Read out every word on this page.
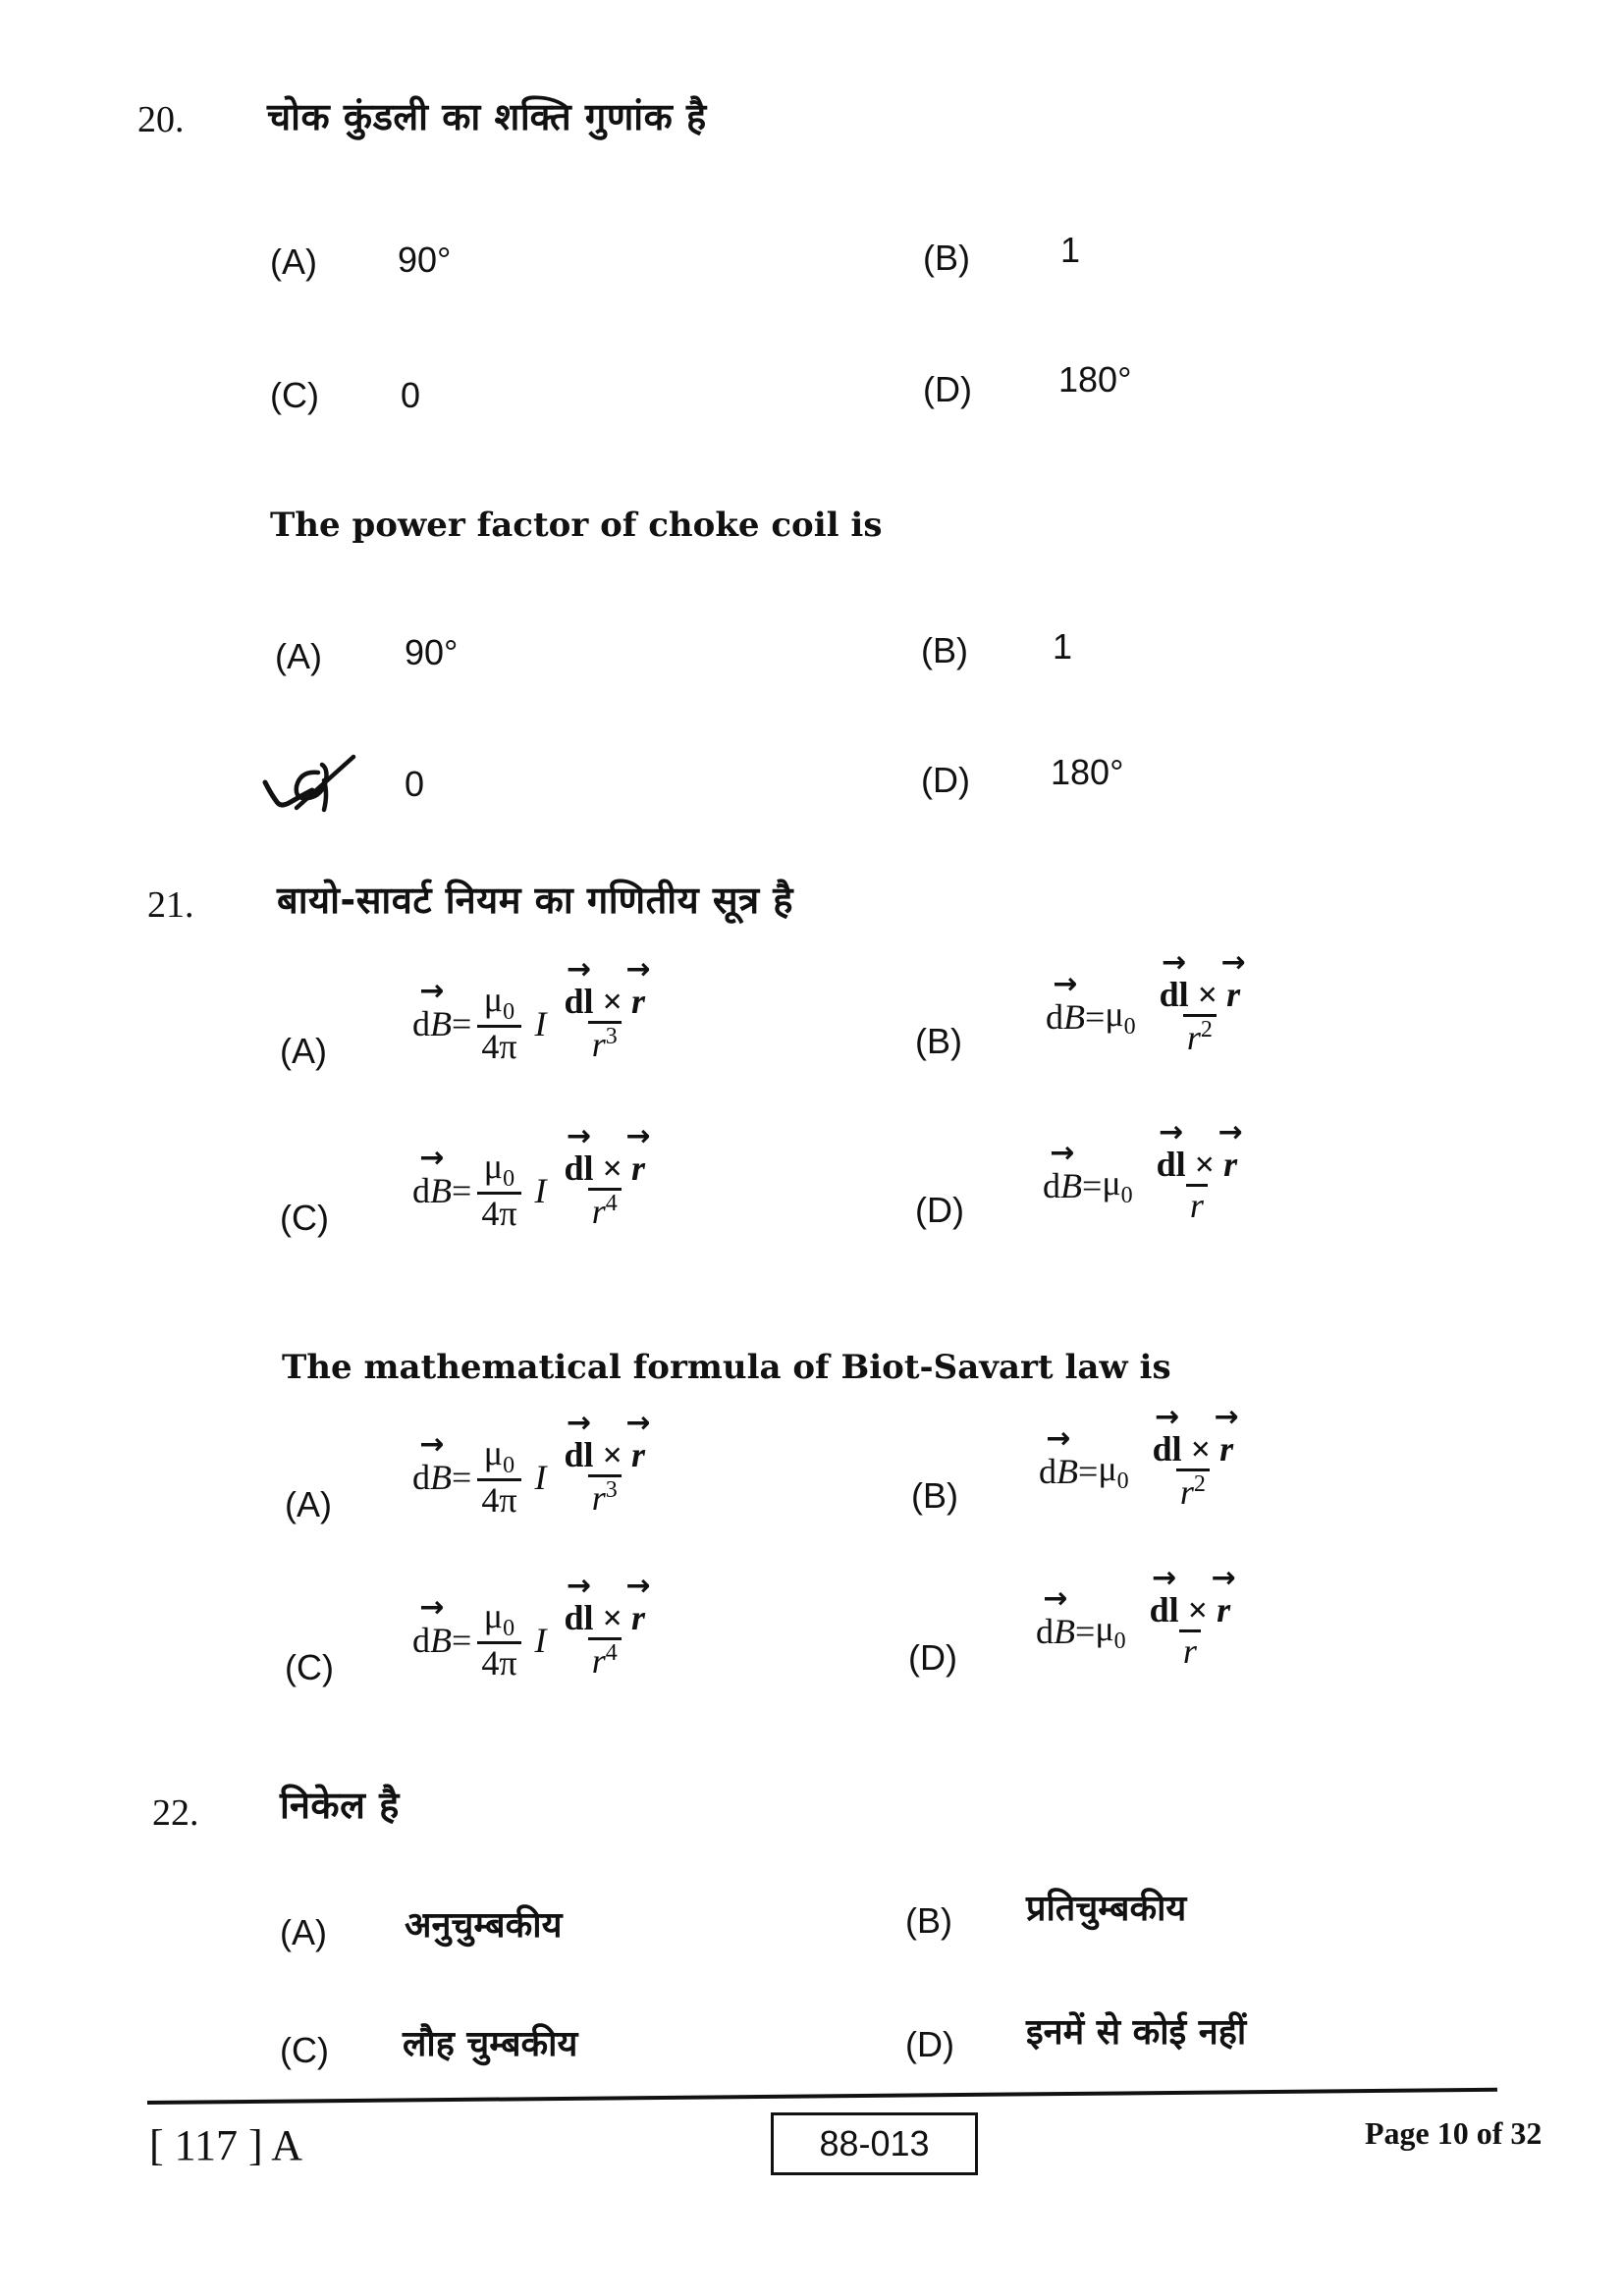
20. चोक कुंडली का शक्ति गुणांक है
(A) 90°	(B)	1
(C) 0	(D) 180°
The power factor of choke coil is
(A) 90°	(B) 1
0	(D) 180°
21. बायो-सावर्ट नियम का गणितीय सूत्र है
(A)
→ dB = $\frac{\mu_0}{4\pi}$ $I \to \frac{dl \times \to r}{r^3}$	(B)
→ dB = $\mu_0 \to \frac{dl \times \to r}{r^2}$
(C)
→ dB = $\frac{\mu_0}{4\pi}$ $I \to \frac{dl \times \to r}{r^4}$	(D)
→ dB = $\mu_0 \to \frac{dl \times \to r}{r}$
The mathematical formula of Biot-Savart law is
(A)
→ dB = $\frac{\mu_0}{4\pi}$ $I \to \frac{dl \times \to r}{r^3}$	(B)
→ dB = $\mu_0 \to \frac{dl \times \to r}{r^2}$
(C)
→ dB = $\frac{\mu_0}{4\pi}$ $I \to \frac{dl \times \to r}{r^4}$	(D)
→ dB = $\mu_0 \to \frac{dl \times \to r}{r}$
22. निकेल है
(A) अनुचुम्बकीय	(B) प्रतिचुम्बकीय
(C) लौह चुम्बकीय	(D) इनमें से कोई नहीं
[ 117 ] A	88-013	Page 10 of 32
